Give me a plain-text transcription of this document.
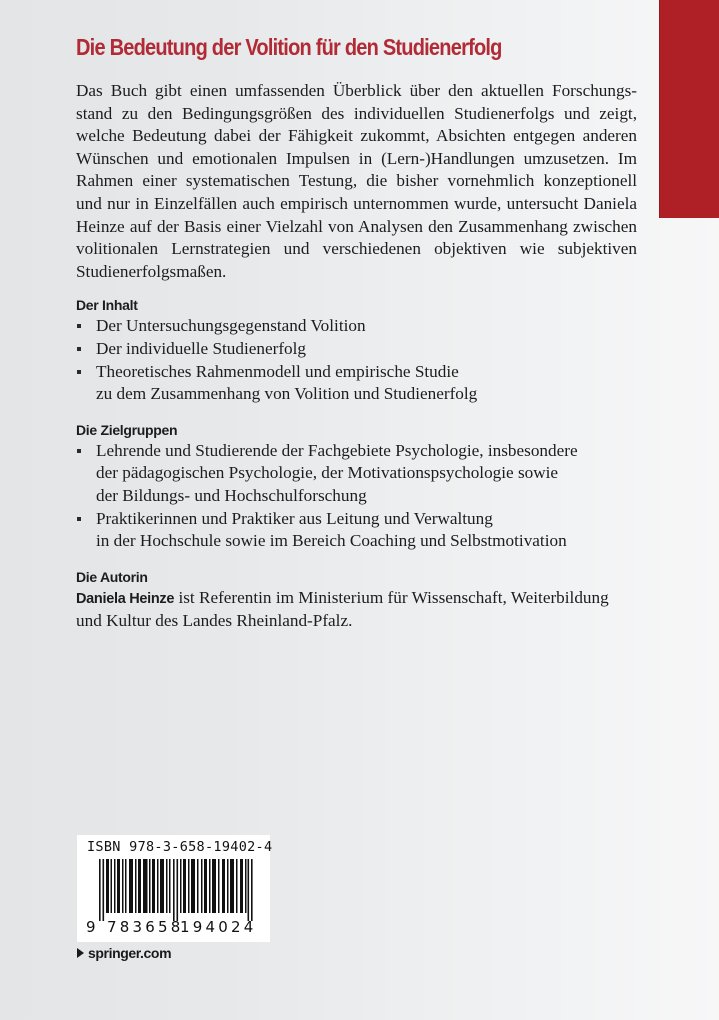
Die Bedeutung der Volition für den Studienerfolg

Das Buch gibt einen umfassenden Überblick über den aktuellen Forschungs-
stand zu den Bedingungsgrößen des individuellen Studienerfolgs und zeigt,
welche Bedeutung dabei der Fähigkeit zukommt, Absichten entgegen anderen
Wünschen und emotionalen Impulsen in (Lern-)Handlungen umzusetzen. Im
Rahmen einer systematischen Testung, die bisher vornehmlich konzeptionell
und nur in Einzelfällen auch empirisch unternommen wurde, untersucht Daniela
Heinze auf der Basis einer Vielzahl von Analysen den Zusammenhang zwischen
volitionalen Lernstrategien und verschiedenen objektiven wie subjektiven
Studienerfolgsmaßen.

Der Inhalt
Der Untersuchungsgegenstand Volition
Der individuelle Studienerfolg
Theoretisches Rahmenmodell und empirische Studie
zu dem Zusammenhang von Volition und Studienerfolg
Die Zielgruppen
Lehrende und Studierende der Fachgebiete Psychologie, insbesondere
der pädagogischen Psychologie, der Motivationspsychologie sowie
der Bildungs- und Hochschulforschung
Praktikerinnen und Praktiker aus Leitung und Verwaltung
in der Hochschule sowie im Bereich Coaching und Selbstmotivation
Die Autorin
Daniela Heinze ist Referentin im Ministerium für Wissenschaft, Weiterbildung
und Kultur des Landes Rheinland-Pfalz.
ISBN 978-3-658-19402-4
9 783658
194024
springer.com
